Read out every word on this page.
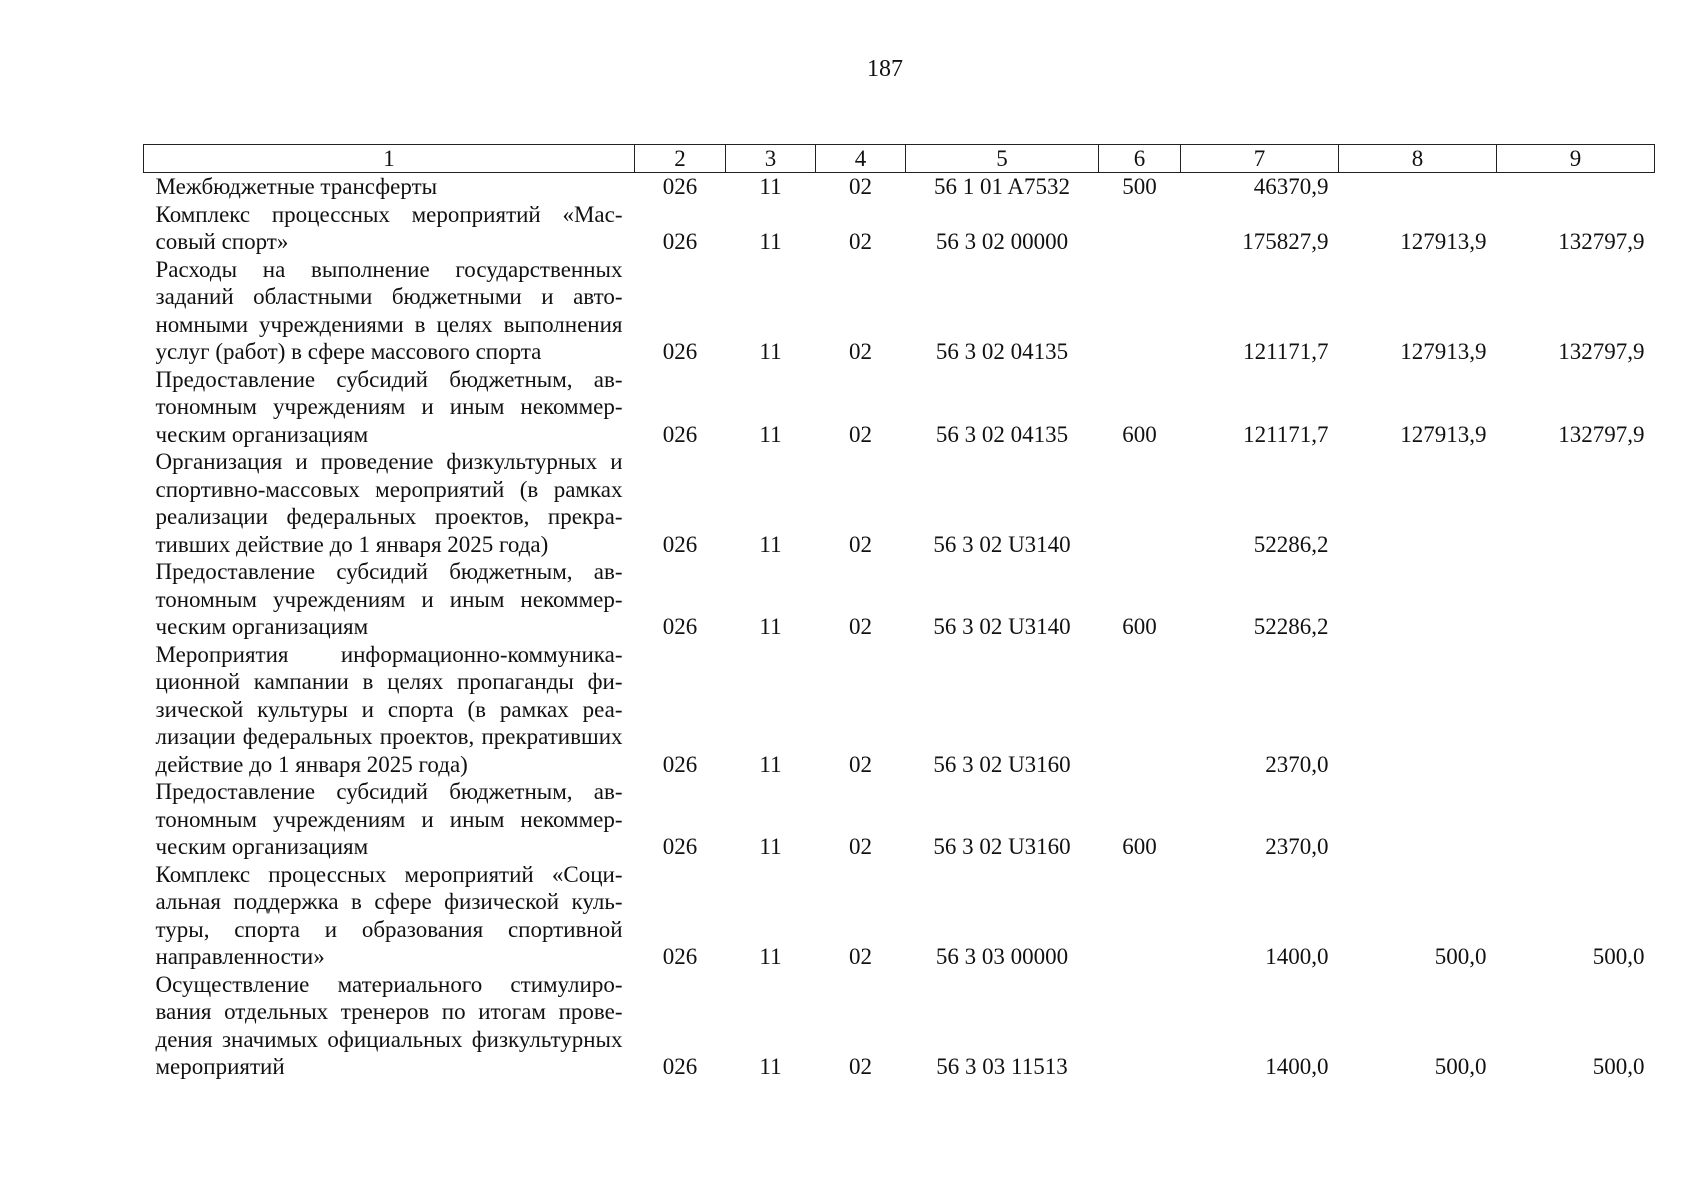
187
1	2	3	4	5	6	7	8	9
Межбюджетные трансферты	026	11	02	56 1 01 A7532	500	46370,9		
Комплекс процессных мероприятий «Массовый спорт»	026	11	02	56 3 02 00000		175827,9	127913,9	132797,9
Расходы на выполнение государственных заданий областными бюджетными и автономными учреждениями в целях выполнения услуг (работ) в сфере массового спорта	026	11	02	56 3 02 04135		121171,7	127913,9	132797,9
Предоставление субсидий бюджетным, автономным учреждениям и иным некоммерческим организациям	026	11	02	56 3 02 04135	600	121171,7	127913,9	132797,9
Организация и проведение физкультурных и спортивно-массовых мероприятий (в рамках реализации федеральных проектов, прекративших действие до 1 января 2025 года)	026	11	02	56 3 02 U3140		52286,2		
Предоставление субсидий бюджетным, автономным учреждениям и иным некоммерческим организациям	026	11	02	56 3 02 U3140	600	52286,2		
Мероприятия информационно-коммуникационной кампании в целях пропаганды физической культуры и спорта (в рамках реализации федеральных проектов, прекративших действие до 1 января 2025 года)	026	11	02	56 3 02 U3160		2370,0		
Предоставление субсидий бюджетным, автономным учреждениям и иным некоммерческим организациям	026	11	02	56 3 02 U3160	600	2370,0		
Комплекс процессных мероприятий «Социальная поддержка в сфере физической культуры, спорта и образования спортивной направленности»	026	11	02	56 3 03 00000		1400,0	500,0	500,0
Осуществление материального стимулирования отдельных тренеров по итогам проведения значимых официальных физкультурных мероприятий	026	11	02	56 3 03 11513		1400,0	500,0	500,0
